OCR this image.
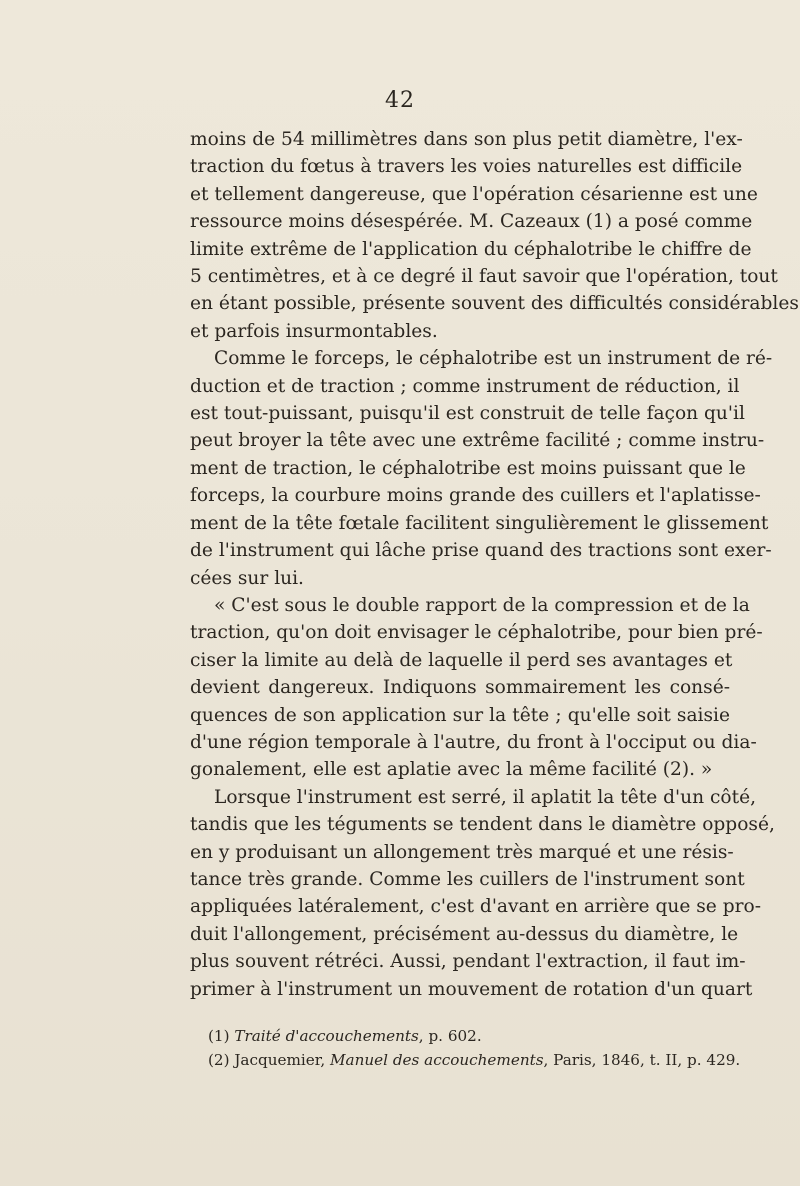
42
moins de 54 millimètres dans son plus petit diamètre, l'ex-
traction du fœtus à travers les voies naturelles est difficile
et tellement dangereuse, que l'opération césarienne est une
ressource moins désespérée. M. Cazeaux (1) a posé comme
limite extrême de l'application du céphalotribe le chiffre de
5 centimètres, et à ce degré il faut savoir que l'opération, tout
en étant possible, présente souvent des difficultés considérables
et parfois insurmontables.
Comme le forceps, le céphalotribe est un instrument de ré-
duction et de traction ; comme instrument de réduction, il
est tout-puissant, puisqu'il est construit de telle façon qu'il
peut broyer la tête avec une extrême facilité ; comme instru-
ment de traction, le céphalotribe est moins puissant que le
forceps, la courbure moins grande des cuillers et l'aplatisse-
ment de la tête fœtale facilitent singulièrement le glissement
de l'instrument qui lâche prise quand des tractions sont exer-
cées sur lui.
« C'est sous le double rapport de la compression et de la
traction, qu'on doit envisager le céphalotribe, pour bien pré-
ciser la limite au delà de laquelle il perd ses avantages et
devient dangereux. Indiquons sommairement les consé-
quences de son application sur la tête ; qu'elle soit saisie
d'une région temporale à l'autre, du front à l'occiput ou dia-
gonalement, elle est aplatie avec la même facilité (2). »
Lorsque l'instrument est serré, il aplatit la tête d'un côté,
tandis que les téguments se tendent dans le diamètre opposé,
en y produisant un allongement très marqué et une résis-
tance très grande. Comme les cuillers de l'instrument sont
appliquées latéralement, c'est d'avant en arrière que se pro-
duit l'allongement, précisément au-dessus du diamètre, le
plus souvent rétréci. Aussi, pendant l'extraction, il faut im-
primer à l'instrument un mouvement de rotation d'un quart
(1) Traité d'accouchements, p. 602.
(2) Jacquemier, Manuel des accouchements, Paris, 1846, t. II, p. 429.
